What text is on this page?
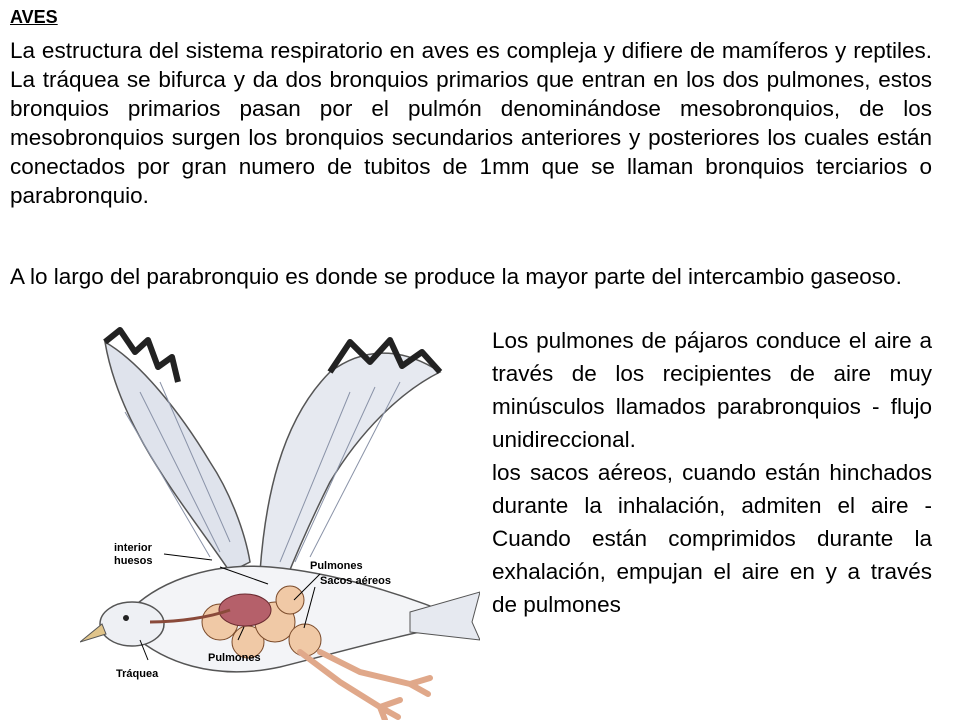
AVES

La estructura del sistema respiratorio en aves es compleja y difiere de mamíferos y reptiles. La tráquea se bifurca y da dos bronquios primarios que entran en los dos pulmones, estos bronquios primarios pasan por el pulmón denominándose mesobronquios, de los mesobronquios surgen los bronquios secundarios anteriores y posteriores los cuales están conectados por gran numero de tubitos de 1mm que se llaman bronquios terciarios o parabronquio.

A lo largo del parabronquio es donde se produce la mayor parte del intercambio gaseoso.

interior
huesos	Pulmones
Sacos aéreos
Pulmones
Tráquea

Los pulmones de pájaros conduce el aire a través de los recipientes de aire muy minúsculos llamados parabronquios - flujo unidireccional.

los sacos aéreos, cuando están hinchados durante la inhalación, admiten el aire - Cuando están comprimidos durante la exhalación, empujan el aire en y a través de pulmones
